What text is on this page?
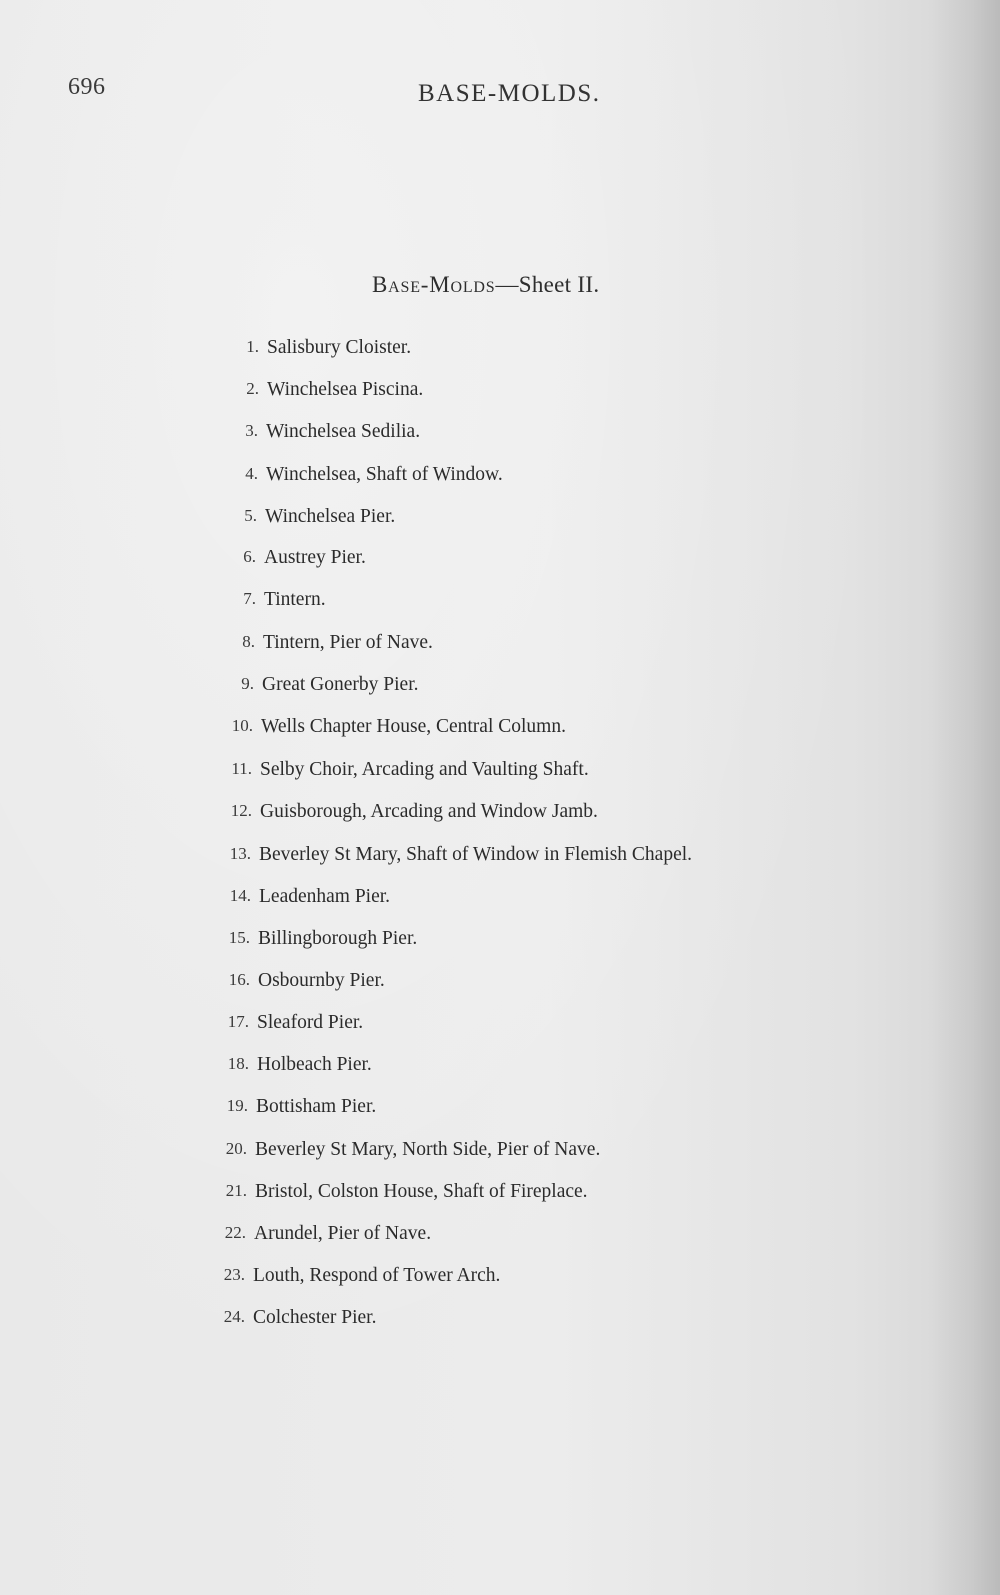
696	BASE-MOLDS.
Base-Molds—Sheet II.
1. Salisbury Cloister.
2. Winchelsea Piscina.
3. Winchelsea Sedilia.
4. Winchelsea, Shaft of Window.
5. Winchelsea Pier.
6. Austrey Pier.
7. Tintern.
8. Tintern, Pier of Nave.
9. Great Gonerby Pier.
10. Wells Chapter House, Central Column.
11. Selby Choir, Arcading and Vaulting Shaft.
12. Guisborough, Arcading and Window Jamb.
13. Beverley St Mary, Shaft of Window in Flemish Chapel.
14. Leadenham Pier.
15. Billingborough Pier.
16. Osbournby Pier.
17. Sleaford Pier.
18. Holbeach Pier.
19. Bottisham Pier.
20. Beverley St Mary, North Side, Pier of Nave.
21. Bristol, Colston House, Shaft of Fireplace.
22. Arundel, Pier of Nave.
23. Louth, Respond of Tower Arch.
24. Colchester Pier.
